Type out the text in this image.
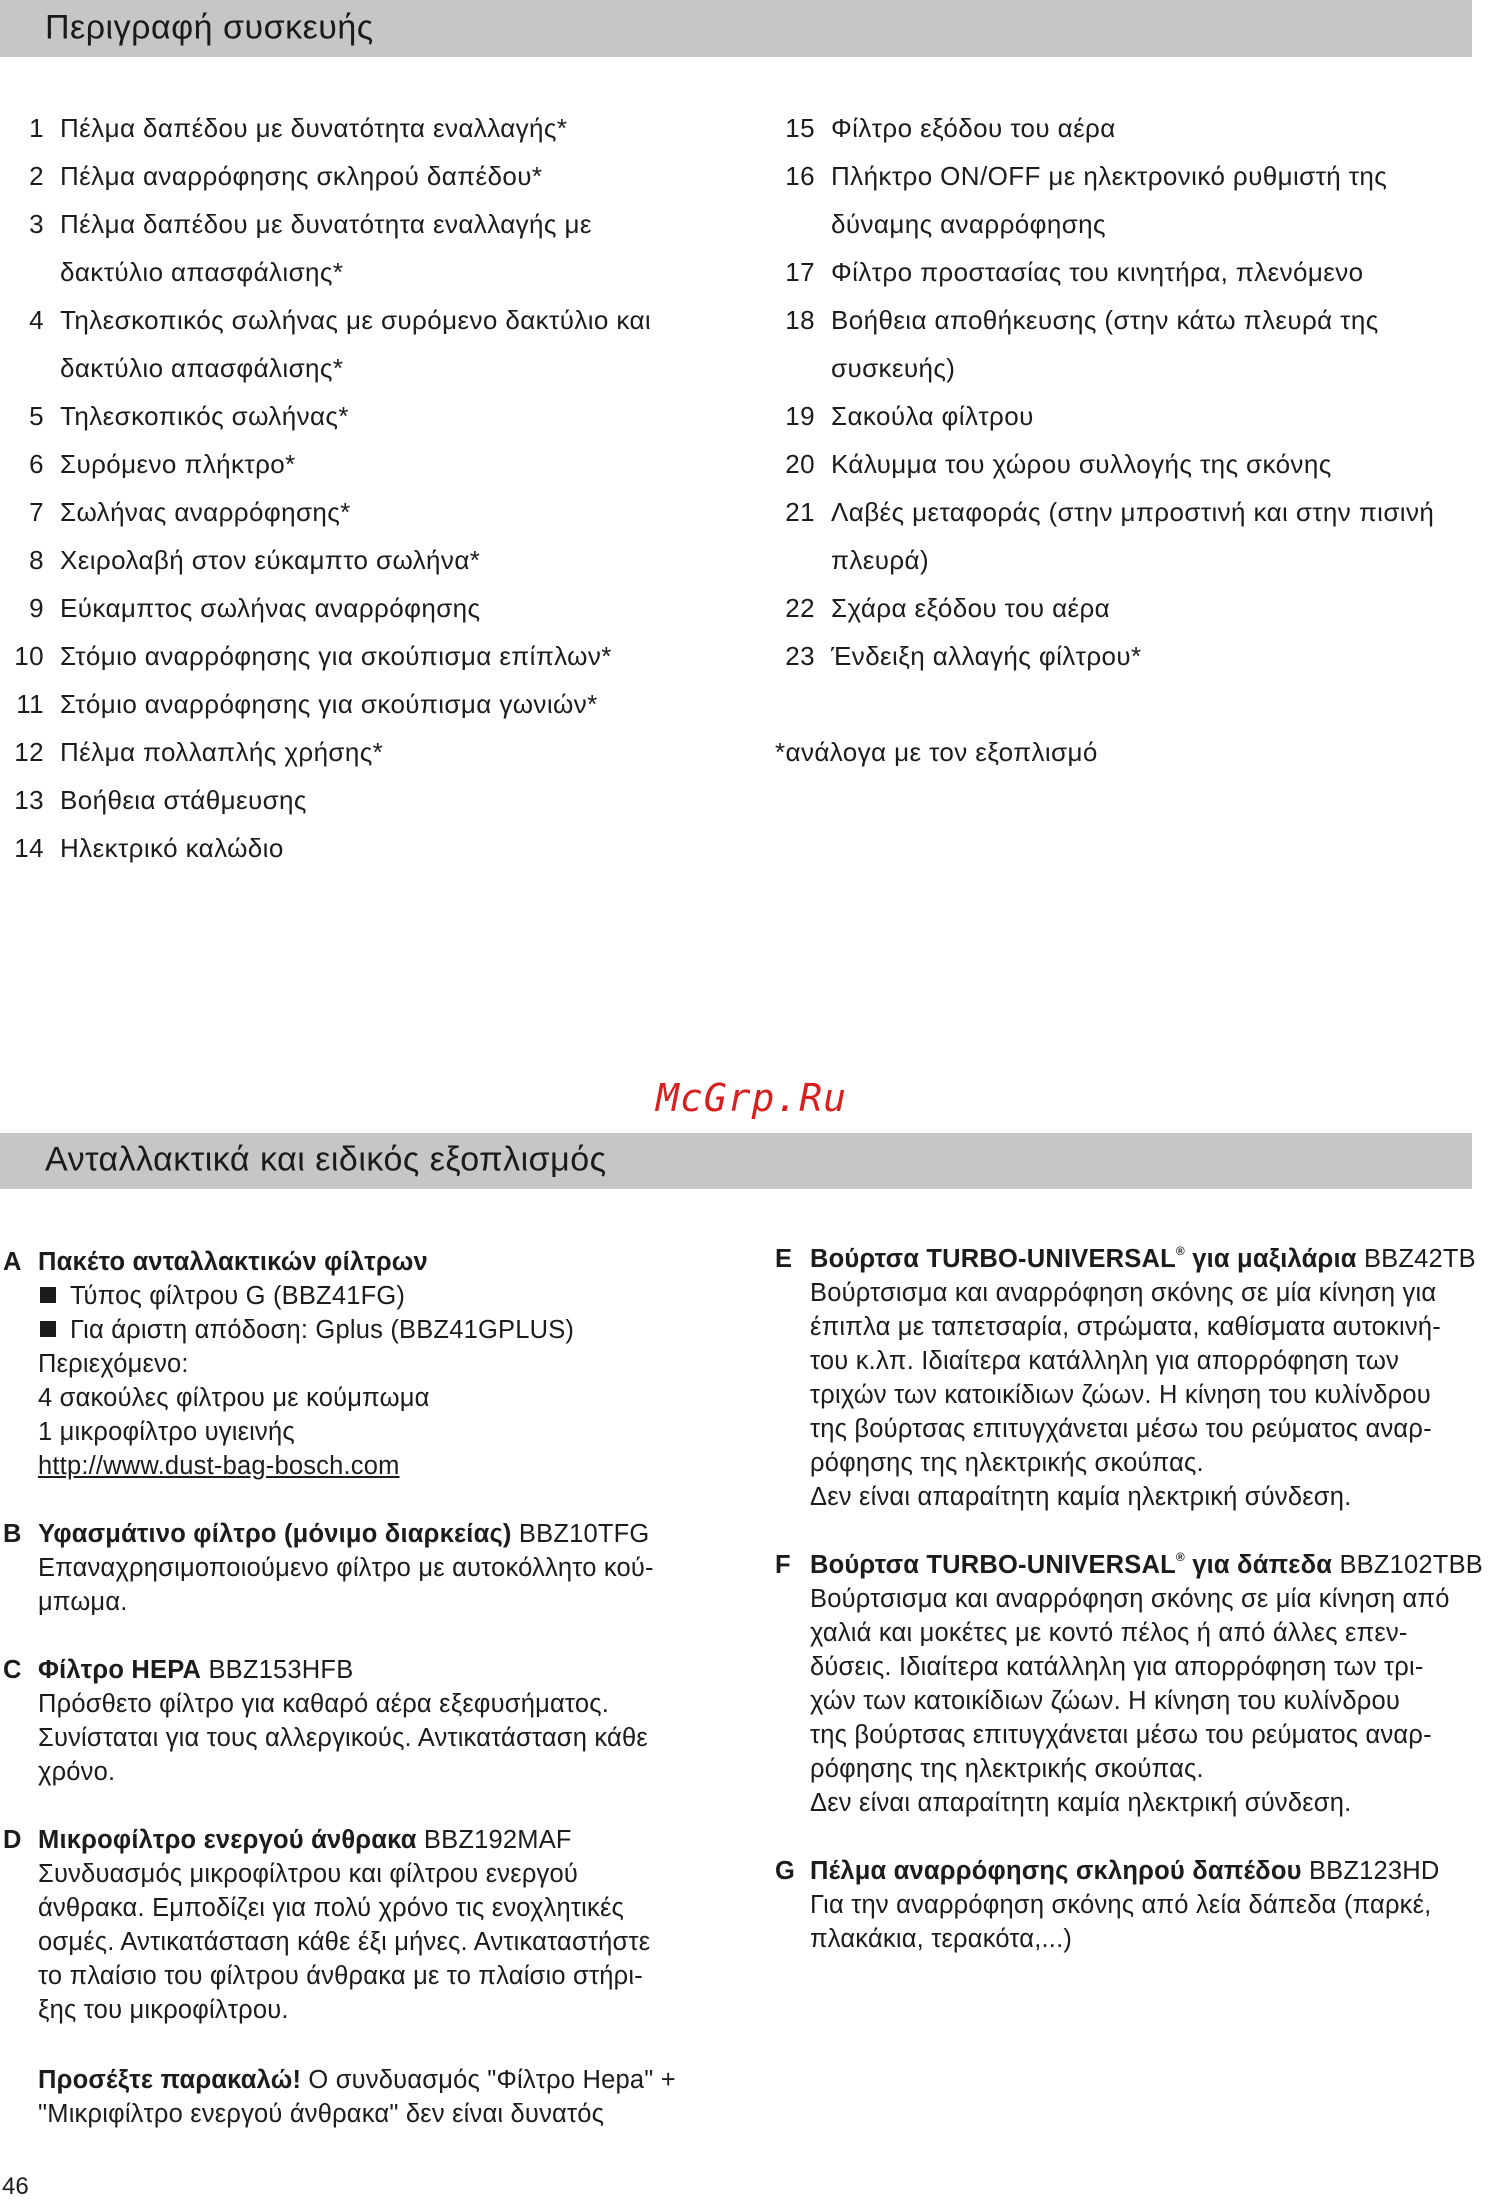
Περιγραφή συσκευής
1 Πέλμα δαπέδου με δυνατότητα εναλλαγής*
2 Πέλμα αναρρόφησης σκληρού δαπέδου*
3 Πέλμα δαπέδου με δυνατότητα εναλλαγής με
δακτύλιο απασφάλισης*
4 Τηλεσκοπικός σωλήνας με συρόμενο δακτύλιο και
δακτύλιο απασφάλισης*
5 Τηλεσκοπικός σωλήνας*
6 Συρόμενο πλήκτρο*
7 Σωλήνας αναρρόφησης*
8 Χειρολαβή στον εύκαμπτο σωλήνα*
9 Εύκαμπτος σωλήνας αναρρόφησης
10 Στόμιο αναρρόφησης για σκούπισμα επίπλων*
11 Στόμιο αναρρόφησης για σκούπισμα γωνιών*
12 Πέλμα πολλαπλής χρήσης*
13 Βοήθεια στάθμευσης
14 Ηλεκτρικό καλώδιο
15 Φίλτρο εξόδου του αέρα
16 Πλήκτρο ON/OFF με ηλεκτρονικό ρυθμιστή της
δύναμης αναρρόφησης
17 Φίλτρο προστασίας του κινητήρα, πλενόμενο
18 Βοήθεια αποθήκευσης (στην κάτω πλευρά της
συσκευής)
19 Σακούλα φίλτρου
20 Κάλυμμα του χώρου συλλογής της σκόνης
21 Λαβές μεταφοράς (στην μπροστινή και στην πισινή
πλευρά)
22 Σχάρα εξόδου του αέρα
23 Ένδειξη αλλαγής φίλτρου*
*ανάλογα με τον εξοπλισμό
McGrp.Ru
Ανταλλακτικά και ειδικός εξοπλισμός
A Πακέτο ανταλλακτικών φίλτρων
Τύπος φίλτρου G (BBZ41FG)
Για άριστη απόδοση: Gplus (BBZ41GPLUS)
Περιεχόμενο:
4 σακούλες φίλτρου με κούμπωμα
1 μικροφίλτρο υγιεινής
http://www.dust-bag-bosch.com
B Υφασμάτινο φίλτρο (μόνιμο διαρκείας) BBZ10TFG
Επαναχρησιμοποιούμενο φίλτρο με αυτοκόλλητο κού-
μπωμα.
C Φίλτρο HEPA BBZ153HFB
Πρόσθετο φίλτρο για καθαρό αέρα εξεφυσήματος.
Συνίσταται για τους αλλεργικούς. Αντικατάσταση κάθε
χρόνο.
D Μικροφίλτρο ενεργού άνθρακα BBZ192MAF
Συνδυασμός μικροφίλτρου και φίλτρου ενεργού
άνθρακα. Εμποδίζει για πολύ χρόνο τις ενοχλητικές
οσμές. Αντικατάσταση κάθε έξι μήνες. Αντικαταστήστε
το πλαίσιο του φίλτρου άνθρακα με το πλαίσιο στήρι-
ξης του μικροφίλτρου.
Προσέξτε παρακαλώ! Ο συνδυασμός "Φίλτρο Hepa" +
"Μικριφίλτρο ενεργού άνθρακα" δεν είναι δυνατός
E Βούρτσα TURBO-UNIVERSAL® για μαξιλάρια BBZ42TB
Βούρτσισμα και αναρρόφηση σκόνης σε μία κίνηση για
έπιπλα με ταπετσαρία, στρώματα, καθίσματα αυτοκινή-
του κ.λπ. Ιδιαίτερα κατάλληλη για απορρόφηση των
τριχών των κατοικίδιων ζώων. Η κίνηση του κυλίνδρου
της βούρτσας επιτυγχάνεται μέσω του ρεύματος αναρ-
ρόφησης της ηλεκτρικής σκούπας.
Δεν είναι απαραίτητη καμία ηλεκτρική σύνδεση.
F Βούρτσα TURBO-UNIVERSAL® για δάπεδα BBZ102TBB
Βούρτσισμα και αναρρόφηση σκόνης σε μία κίνηση από
χαλιά και μοκέτες με κοντό πέλος ή από άλλες επεν-
δύσεις. Ιδιαίτερα κατάλληλη για απορρόφηση των τρι-
χών των κατοικίδιων ζώων. Η κίνηση του κυλίνδρου
της βούρτσας επιτυγχάνεται μέσω του ρεύματος αναρ-
ρόφησης της ηλεκτρικής σκούπας.
Δεν είναι απαραίτητη καμία ηλεκτρική σύνδεση.
G Πέλμα αναρρόφησης σκληρού δαπέδου BBZ123HD
Για την αναρρόφηση σκόνης από λεία δάπεδα (παρκέ,
πλακάκια, τερακότα,...)
46
